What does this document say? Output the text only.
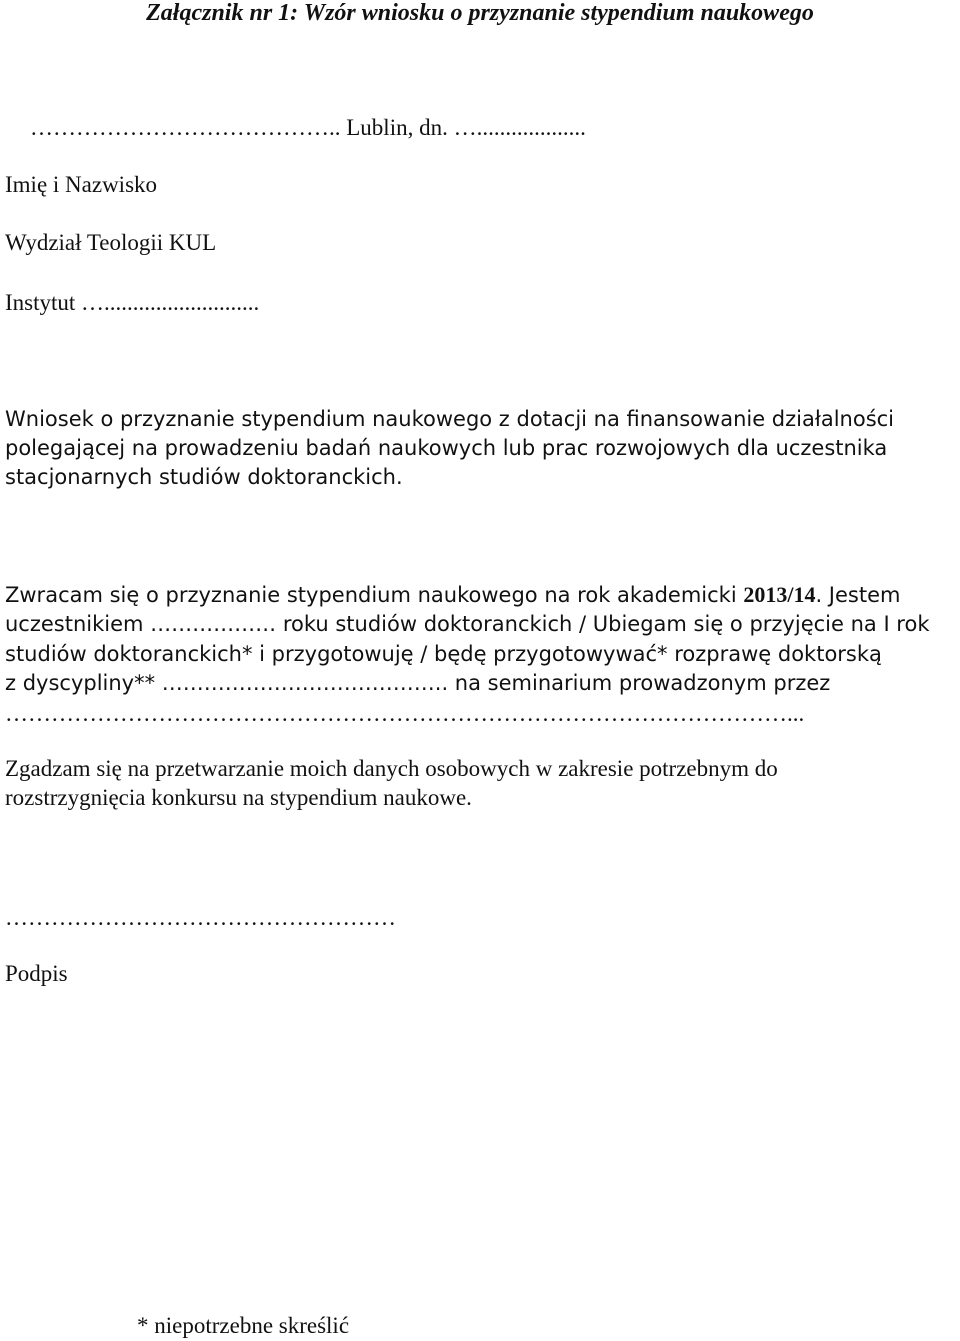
Załącznik nr 1: Wzór wniosku o przyznanie stypendium naukowego
………………………………….. Lublin, dn. …...................
Imię i Nazwisko
Wydział Teologii KUL
Instytut …...........................
Wniosek o przyznanie stypendium naukowego z dotacji na finansowanie działalności
polegającej na prowadzeniu badań naukowych lub prac rozwojowych dla uczestnika
stacjonarnych studiów doktoranckich.
Zwracam się o przyznanie stypendium naukowego na rok akademicki 2013/14. Jestem
uczestnikiem ……………… roku studiów doktoranckich / Ubiegam się o przyjęcie na I rok
studiów doktoranckich* i przygotowuję / będę przygotowywać* rozprawę doktorską
z dyscypliny** ………………………………….. na seminarium prowadzonym przez
…………………………………………………………………………………………...
Zgadzam się na przetwarzanie moich danych osobowych w zakresie potrzebnym do
rozstrzygnięcia konkursu na stypendium naukowe.
……………………………………………
Podpis
* niepotrzebne skreślić
